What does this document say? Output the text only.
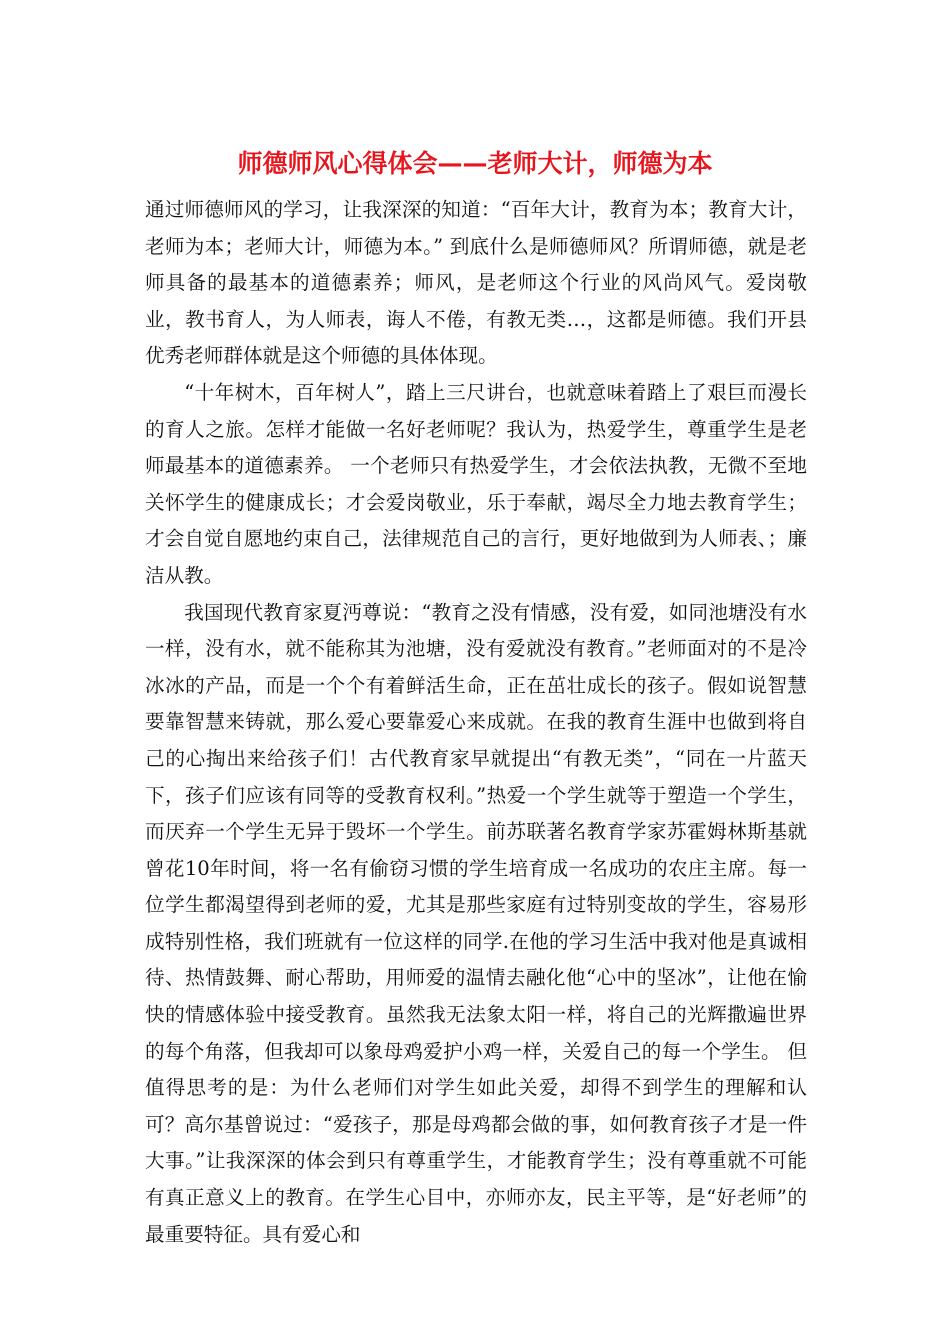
师德师风心得体会——老师大计，师德为本

通过师德师风的学习，让我深深的知道：“百年大计，教育为本；教育大计，老师为本；老师大计，师德为本。” 到底什么是师德师风？所谓师德，就是老师具备的最基本的道德素养；师风，是老师这个行业的风尚风气。爱岗敬业，教书育人，为人师表，诲人不倦，有教无类…，这都是师德。我们开县优秀老师群体就是这个师德的具体体现。

“十年树木，百年树人”，踏上三尺讲台，也就意味着踏上了艰巨而漫长的育人之旅。怎样才能做一名好老师呢？我认为，热爱学生，尊重学生是老师最基本的道德素养。 一个老师只有热爱学生，才会依法执教，无微不至地关怀学生的健康成长；才会爱岗敬业，乐于奉献，竭尽全力地去教育学生；才会自觉自愿地约束自己，法律规范自己的言行，更好地做到为人师表、；廉洁从教。

我国现代教育家夏沔尊说：“教育之没有情感，没有爱，如同池塘没有水一样，没有水，就不能称其为池塘，没有爱就没有教育。”老师面对的不是冷冰冰的产品，而是一个个有着鲜活生命，正在茁壮成长的孩子。假如说智慧要靠智慧来铸就，那么爱心要靠爱心来成就。在我的教育生涯中也做到将自己的心掏出来给孩子们！古代教育家早就提出“有教无类”，“同在一片蓝天下，孩子们应该有同等的受教育权利。”热爱一个学生就等于塑造一个学生，而厌弃一个学生无异于毁坏一个学生。前苏联著名教育学家苏霍姆林斯基就曾花10年时间，将一名有偷窃习惯的学生培育成一名成功的农庄主席。每一位学生都渴望得到老师的爱，尤其是那些家庭有过特别变故的学生，容易形成特别性格，我们班就有一位这样的同学.在他的学习生活中我对他是真诚相待、热情鼓舞、耐心帮助，用师爱的温情去融化他“心中的坚冰”，让他在愉快的情感体验中接受教育。虽然我无法象太阳一样，将自己的光辉撒遍世界的每个角落，但我却可以象母鸡爱护小鸡一样，关爱自己的每一个学生。 但值得思考的是：为什么老师们对学生如此关爱，却得不到学生的理解和认可？高尔基曾说过：“爱孩子，那是母鸡都会做的事，如何教育孩子才是一件大事。”让我深深的体会到只有尊重学生，才能教育学生；没有尊重就不可能有真正意义上的教育。在学生心目中，亦师亦友，民主平等，是“好老师”的最重要特征。具有爱心和
